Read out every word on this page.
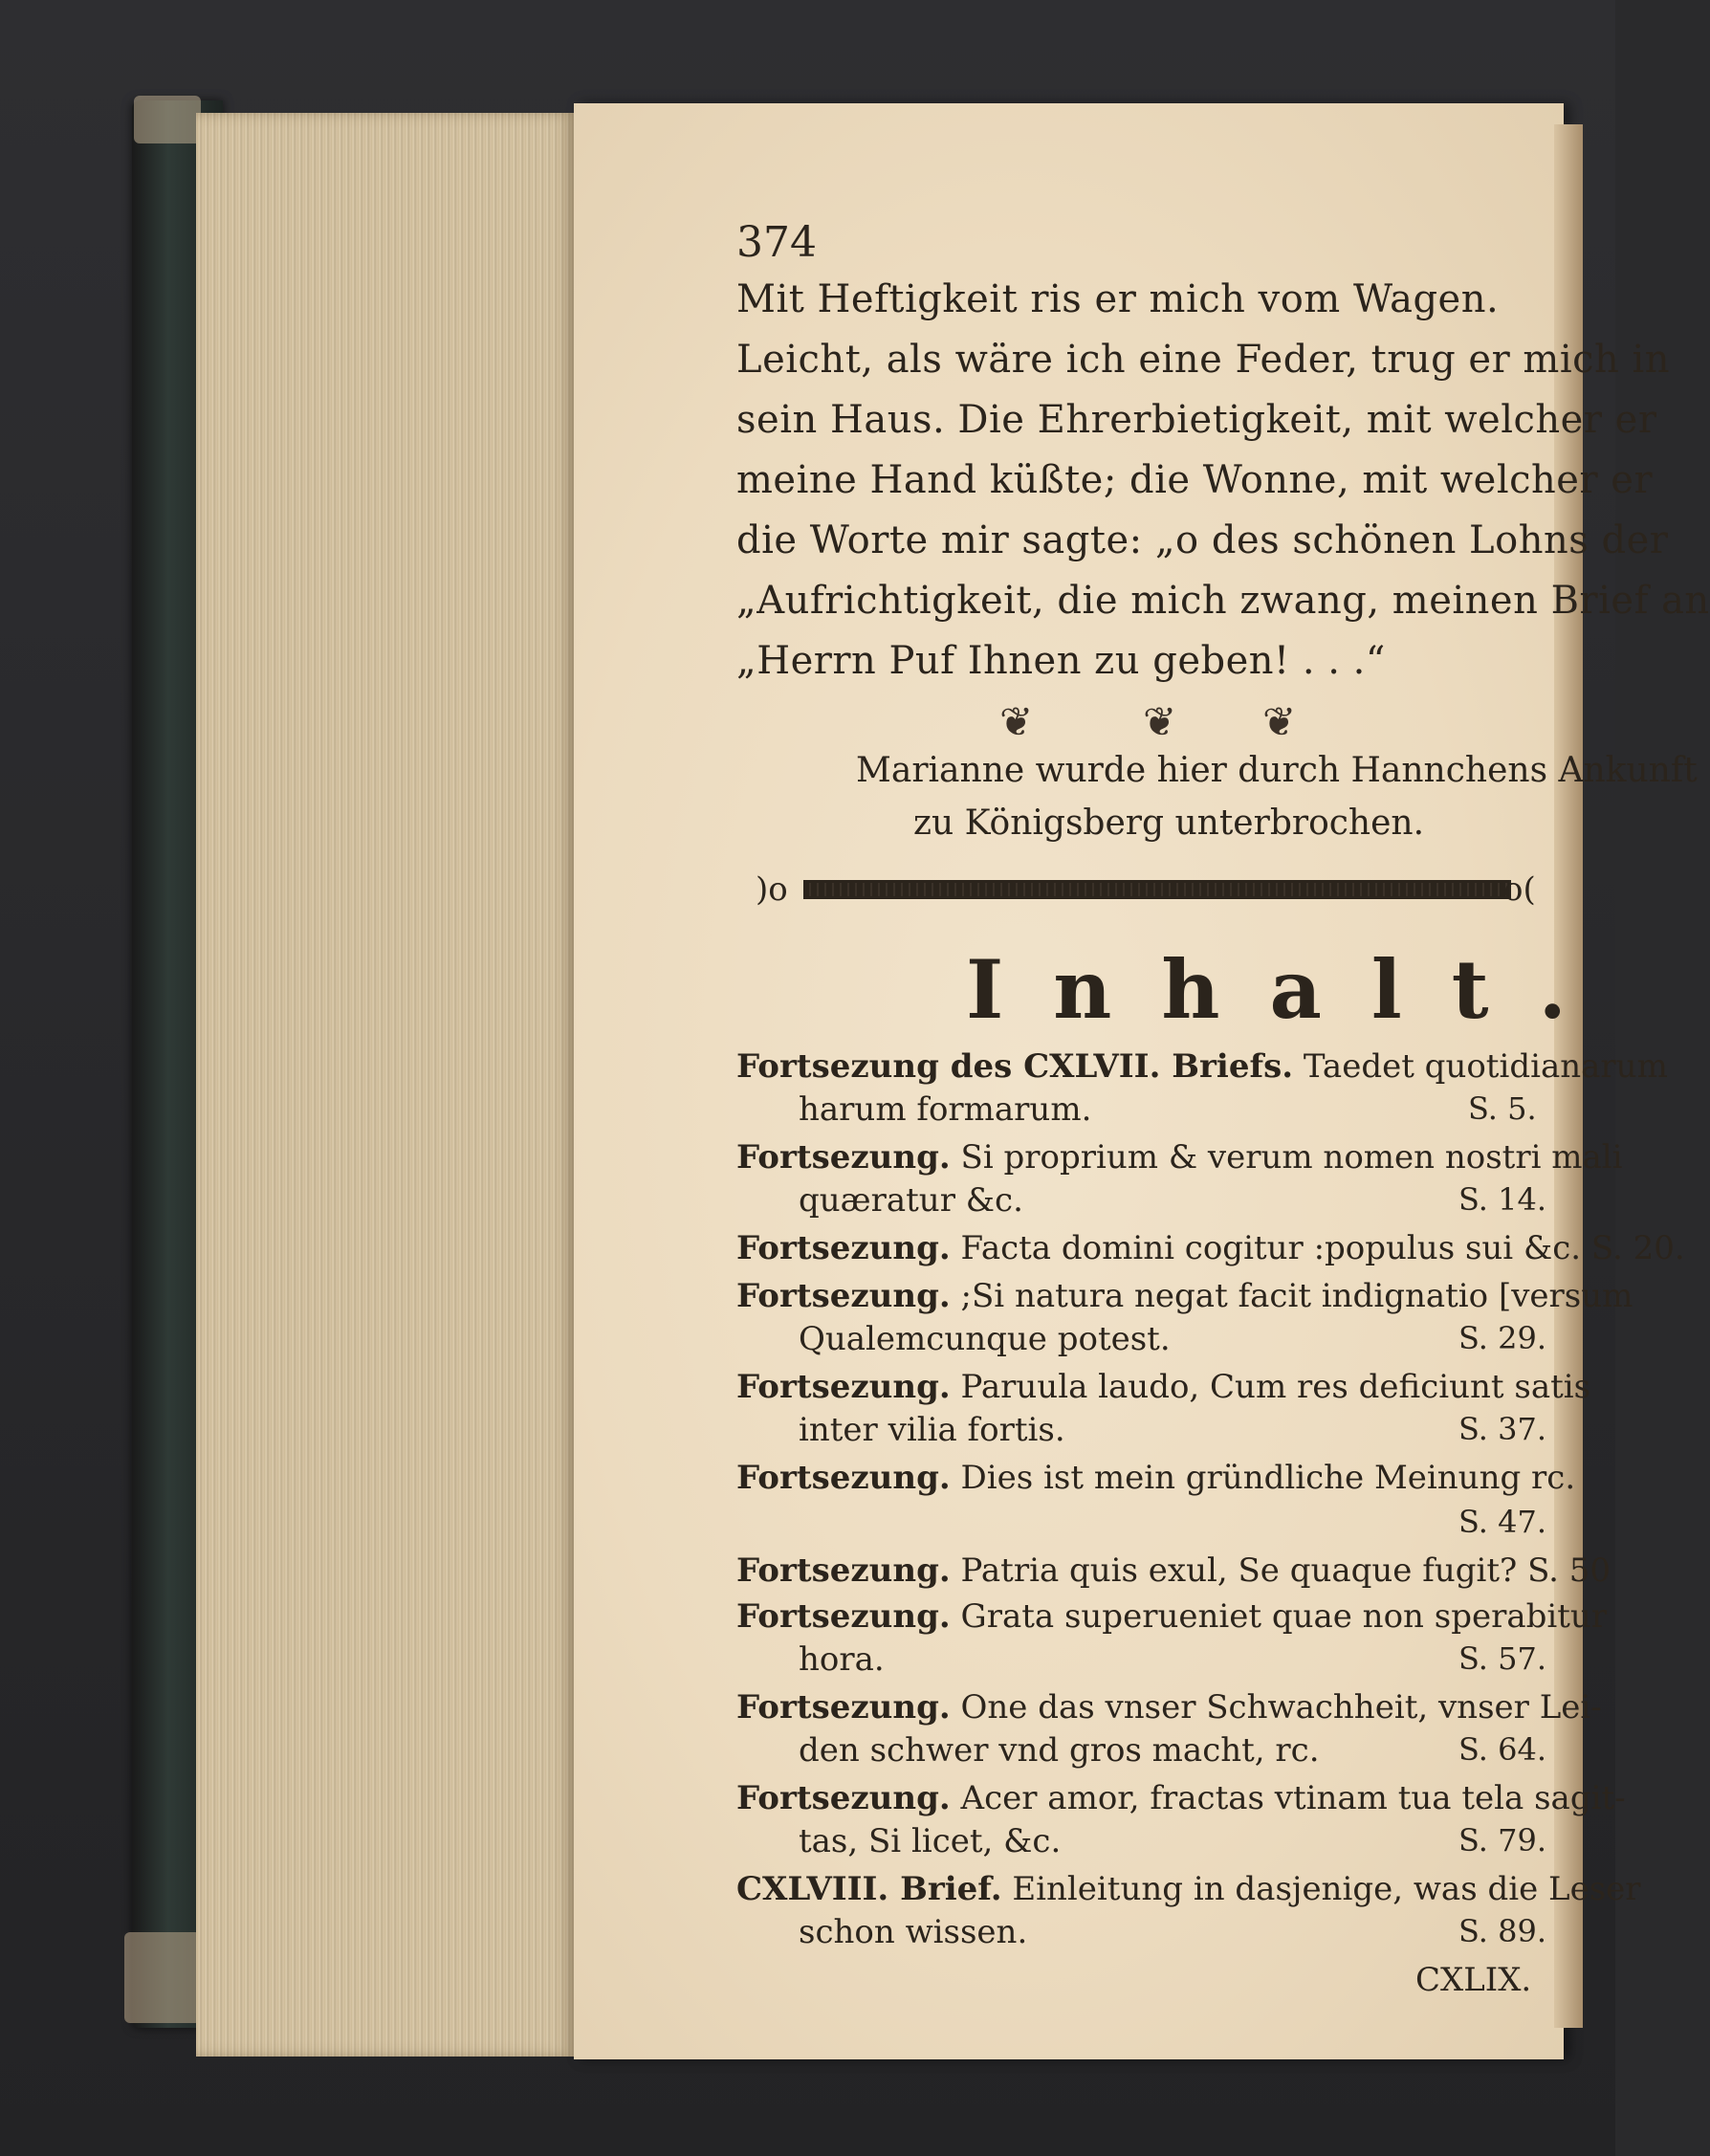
374
Mit Heftigkeit ris er mich vom Wagen.
Leicht, als wäre ich eine Feder, trug er mich in
sein Haus. Die Ehrerbietigkeit, mit welcher er
meine Hand küßte; die Wonne, mit welcher er
die Worte mir sagte: „o des schönen Lohns der
„Aufrichtigkeit, die mich zwang, meinen Brief an
„Herrn Puf Ihnen zu geben! . . .“
❦	❦ ❦
Marianne wurde hier durch Hannchens Ankunft
zu Königsberg unterbrochen.
)o	o(
Inhalt.
Fortsezung des CXLVII. Briefs. Taedet quotidianarum
harum formarum.	S. 5.
Fortsezung. Si proprium & verum nomen nostri mali
quæratur &c.	S. 14.
Fortsezung. Facta domini cogitur :populus sui &c. S. 20.
Fortsezung. ;Si natura negat facit indignatio [versum
Qualemcunque potest.	S. 29.
Fortsezung. Paruula laudo, Cum res deficiunt satis
inter vilia fortis.	S. 37.
Fortsezung. Dies ist mein gründliche Meinung rc.
S. 47.
Fortsezung. Patria quis exul, Se quaque fugit? S. 50
Fortsezung. Grata superueniet quae non sperabitur
hora.	S. 57.
Fortsezung. One das vnser Schwachheit, vnser Lei-
den schwer vnd gros macht, rc.	S. 64.
Fortsezung. Acer amor, fractas vtinam tua tela sagit-
tas, Si licet, &c.	S. 79.
CXLVIII. Brief. Einleitung in dasjenige, was die Leser
schon wissen.	S. 89.
CXLIX.
